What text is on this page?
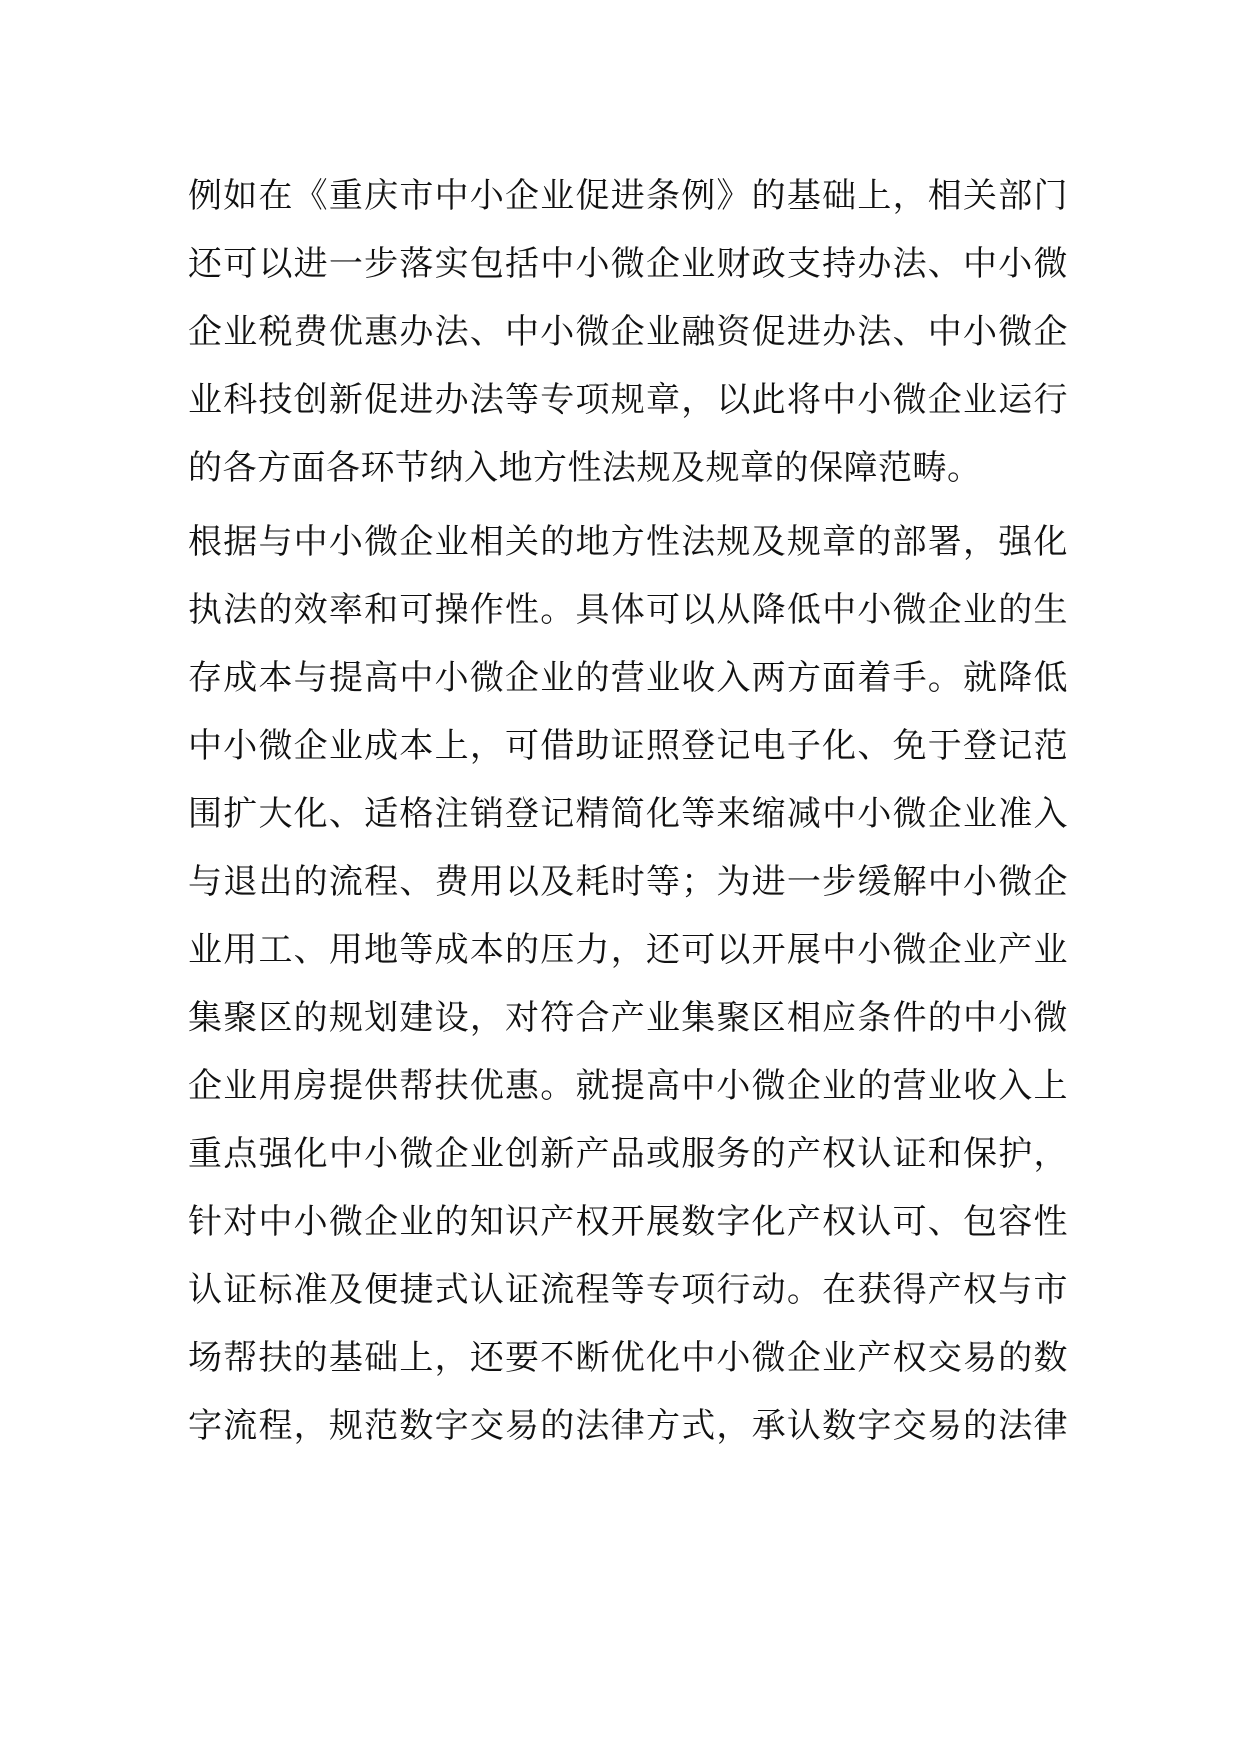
例如在《重庆市中小企业促进条例》的基础上，相关部门
还可以进一步落实包括中小微企业财政支持办法、中小微
企业税费优惠办法、中小微企业融资促进办法、中小微企
业科技创新促进办法等专项规章，以此将中小微企业运行
的各方面各环节纳入地方性法规及规章的保障范畴。
根据与中小微企业相关的地方性法规及规章的部署，强化
执法的效率和可操作性。具体可以从降低中小微企业的生
存成本与提高中小微企业的营业收入两方面着手。就降低
中小微企业成本上，可借助证照登记电子化、免于登记范
围扩大化、适格注销登记精简化等来缩减中小微企业准入
与退出的流程、费用以及耗时等；为进一步缓解中小微企
业用工、用地等成本的压力，还可以开展中小微企业产业
集聚区的规划建设，对符合产业集聚区相应条件的中小微
企业用房提供帮扶优惠。就提高中小微企业的营业收入上
重点强化中小微企业创新产品或服务的产权认证和保护，
针对中小微企业的知识产权开展数字化产权认可、包容性
认证标准及便捷式认证流程等专项行动。在获得产权与市
场帮扶的基础上，还要不断优化中小微企业产权交易的数
字流程，规范数字交易的法律方式，承认数字交易的法律
